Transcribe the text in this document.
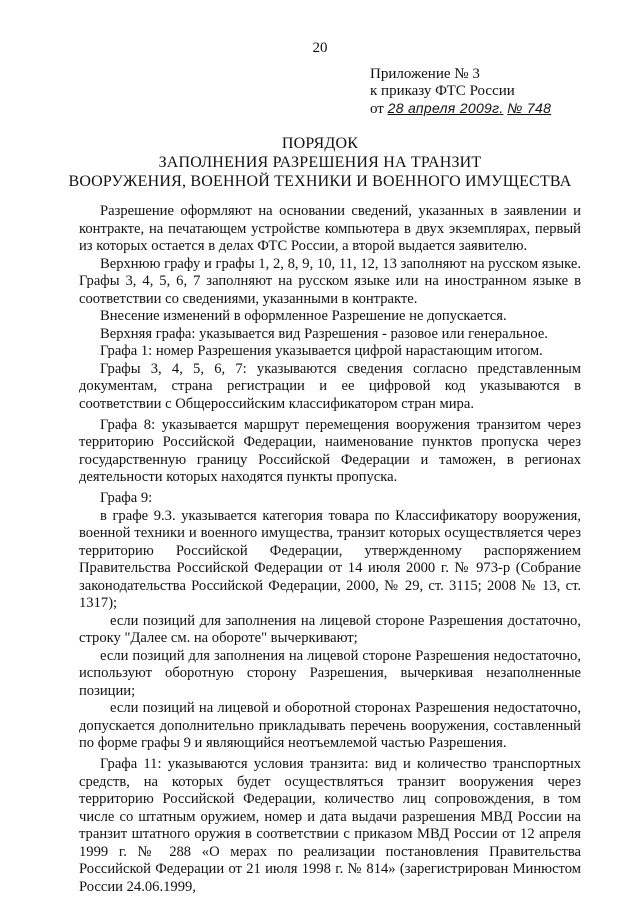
20
Приложение № 3
к приказу ФТС России
от 28 апреля 2009г. № 748
ПОРЯДОК
ЗАПОЛНЕНИЯ РАЗРЕШЕНИЯ НА ТРАНЗИТ
ВООРУЖЕНИЯ, ВОЕННОЙ ТЕХНИКИ И ВОЕННОГО ИМУЩЕСТВА

Разрешение оформляют на основании сведений, указанных в заявлении и контракте, на печатающем устройстве компьютера в двух экземплярах, первый из которых остается в делах ФТС России, а второй выдается заявителю.

Верхнюю графу и графы 1, 2, 8, 9, 10, 11, 12, 13 заполняют на русском языке. Графы 3, 4, 5, 6, 7 заполняют на русском языке или на иностранном языке в соответствии со сведениями, указанными в контракте.

Внесение изменений в оформленное Разрешение не допускается.

Верхняя графа: указывается вид Разрешения - разовое или генеральное.

Графа 1: номер Разрешения указывается цифрой нарастающим итогом.

Графы 3, 4, 5, 6, 7: указываются сведения согласно представленным документам, страна регистрации и ее цифровой код указываются в соответствии с Общероссийским классификатором стран мира.

Графа 8: указывается маршрут перемещения вооружения транзитом через территорию Российской Федерации, наименование пунктов пропуска через государственную границу Российской Федерации и таможен, в регионах деятельности которых находятся пункты пропуска.

Графа 9:

в графе 9.3. указывается категория товара по Классификатору вооружения, военной техники и военного имущества, транзит которых осуществляется через территорию Российской Федерации, утвержденному распоряжением Правительства Российской Федерации от 14 июля 2000 г. № 973-р (Собрание законодательства Российской Федерации, 2000, № 29, ст. 3115; 2008 № 13, ст. 1317);

если позиций для заполнения на лицевой стороне Разрешения достаточно, строку "Далее см. на обороте" вычеркивают;

если позиций для заполнения на лицевой стороне Разрешения недостаточно, используют оборотную сторону Разрешения, вычеркивая незаполненные позиции;

если позиций на лицевой и оборотной сторонах Разрешения недостаточно, допускается дополнительно прикладывать перечень вооружения, составленный по форме графы 9 и являющийся неотъемлемой частью Разрешения.

Графа 11: указываются условия транзита: вид и количество транспортных средств, на которых будет осуществляться транзит вооружения через территорию Российской Федерации, количество лиц сопровождения, в том числе со штатным оружием, номер и дата выдачи разрешения МВД России на транзит штатного оружия в соответствии с приказом МВД России от 12 апреля 1999 г. № 288 «О мерах по реализации постановления Правительства Российской Федерации от 21 июля 1998 г. № 814» (зарегистрирован Минюстом России 24.06.1999,
